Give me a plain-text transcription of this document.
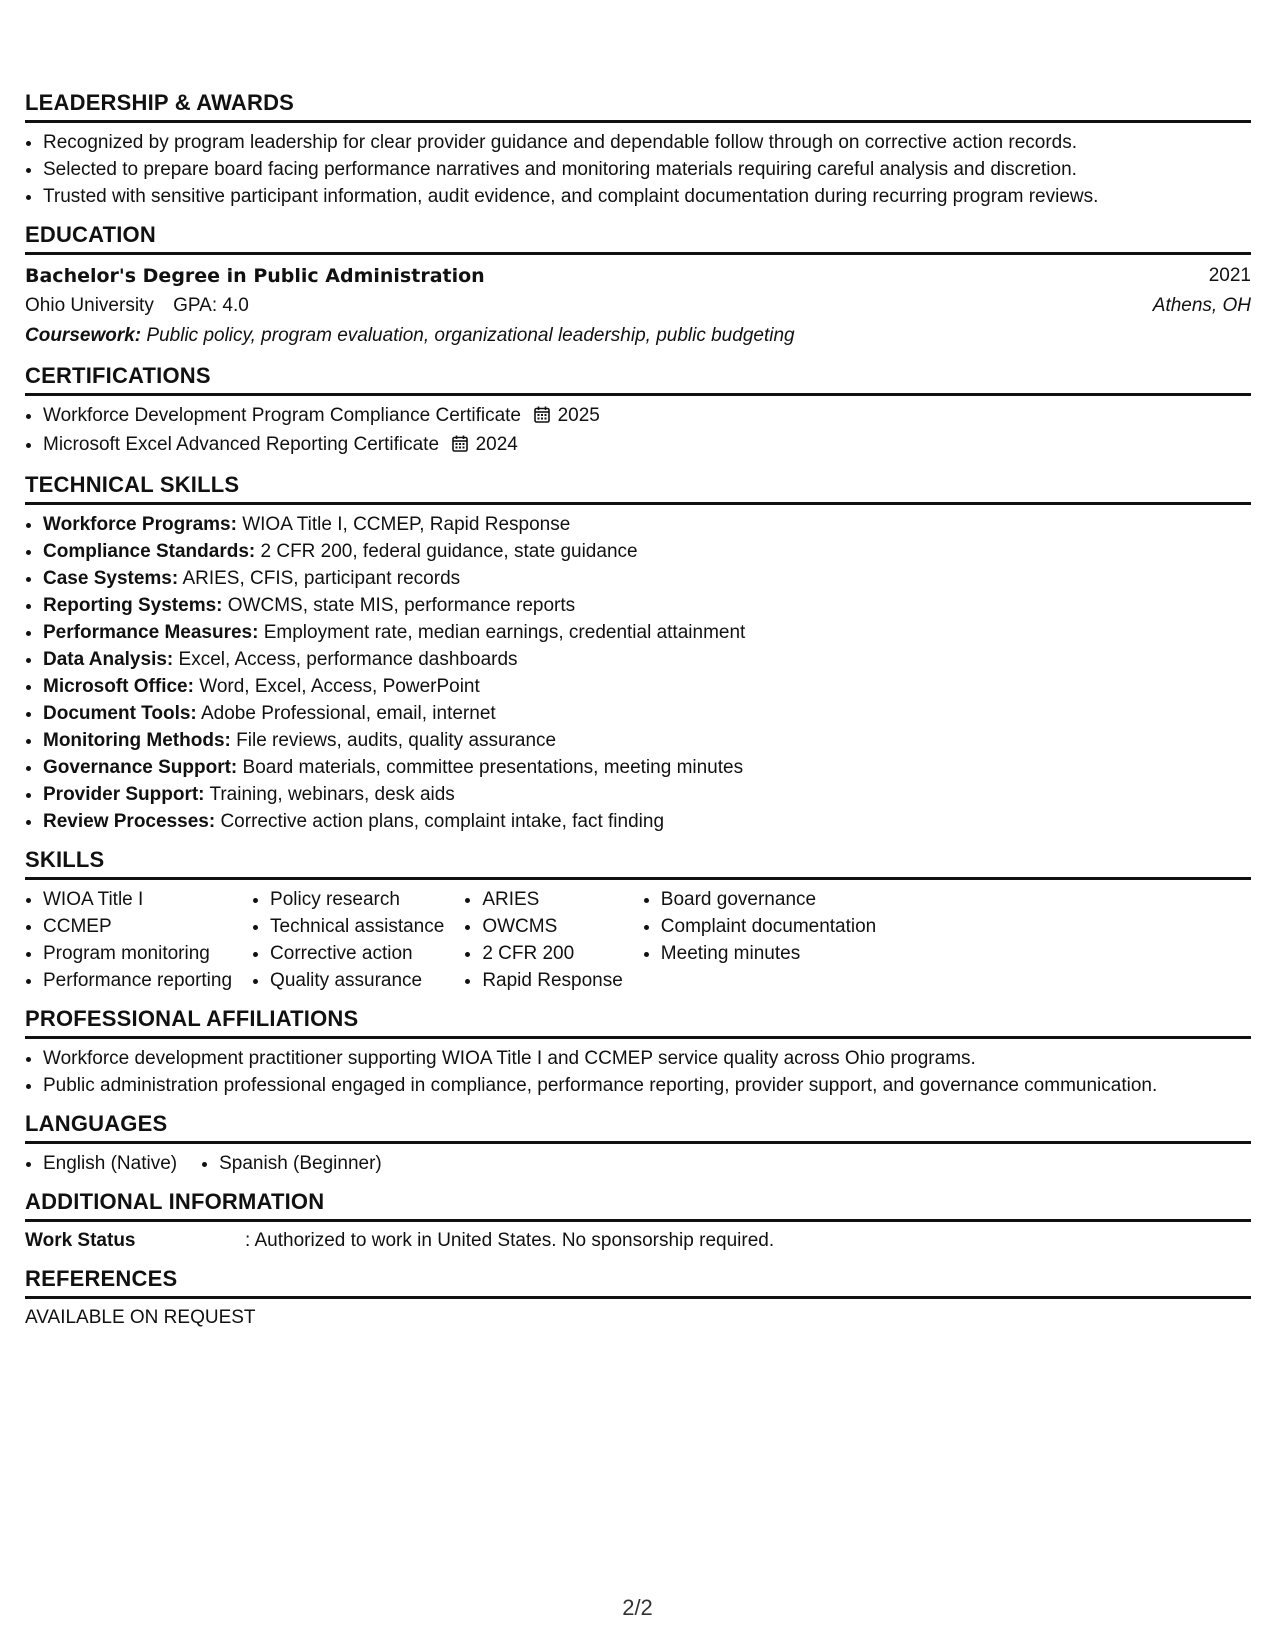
LEADERSHIP & AWARDS
• Recognized by program leadership for clear provider guidance and dependable follow through on corrective action records.
• Selected to prepare board facing performance narratives and monitoring materials requiring careful analysis and discretion.
• Trusted with sensitive participant information, audit evidence, and complaint documentation during recurring program reviews.
EDUCATION
Bachelor's Degree in Public Administration	2021
Ohio University GPA: 4.0	Athens, OH
Coursework: Public policy, program evaluation, organizational leadership, public budgeting
CERTIFICATIONS
• Workforce Development Program Compliance Certificate 2025
• Microsoft Excel Advanced Reporting Certificate 2024
TECHNICAL SKILLS
• Workforce Programs: WIOA Title I, CCMEP, Rapid Response
• Compliance Standards: 2 CFR 200, federal guidance, state guidance
• Case Systems: ARIES, CFIS, participant records
• Reporting Systems: OWCMS, state MIS, performance reports
• Performance Measures: Employment rate, median earnings, credential attainment
• Data Analysis: Excel, Access, performance dashboards
• Microsoft Office: Word, Excel, Access, PowerPoint
• Document Tools: Adobe Professional, email, internet
• Monitoring Methods: File reviews, audits, quality assurance
• Governance Support: Board materials, committee presentations, meeting minutes
• Provider Support: Training, webinars, desk aids
• Review Processes: Corrective action plans, complaint intake, fact finding
SKILLS
• WIOA Title I
• CCMEP
• Program monitoring
• Performance reporting
• Policy research
• Technical assistance
• Corrective action
• Quality assurance
• ARIES
• OWCMS
• 2 CFR 200
• Rapid Response
• Board governance
• Complaint documentation
• Meeting minutes
PROFESSIONAL AFFILIATIONS
• Workforce development practitioner supporting WIOA Title I and CCMEP service quality across Ohio programs.
• Public administration professional engaged in compliance, performance reporting, provider support, and governance communication.
LANGUAGES
• English (Native)
• Spanish (Beginner)
ADDITIONAL INFORMATION
Work Status	: Authorized to work in United States. No sponsorship required.
REFERENCES
AVAILABLE ON REQUEST
2/2
